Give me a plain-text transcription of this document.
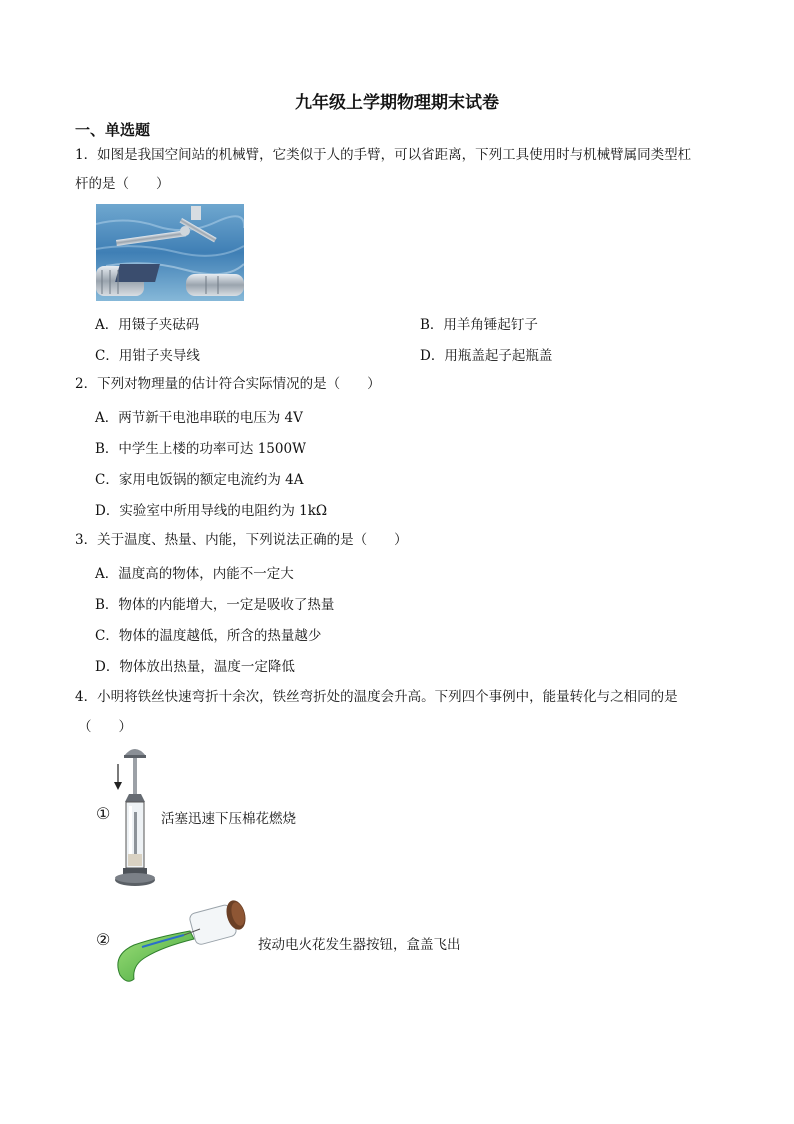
九年级上学期物理期末试卷
一、单选题
1．如图是我国空间站的机械臂，它类似于人的手臂，可以省距离，下列工具使用时与机械臂属同类型杠
杆的是（　　）
A．用镊子夹砝码	B．用羊角锤起钉子
C．用钳子夹导线	D．用瓶盖起子起瓶盖
2．下列对物理量的估计符合实际情况的是（　　）
A．两节新干电池串联的电压为 4V
B．中学生上楼的功率可达 1500W
C．家用电饭锅的额定电流约为 4A
D．实验室中所用导线的电阻约为 1kΩ
3．关于温度、热量、内能，下列说法正确的是（　　）
A．温度高的物体，内能不一定大
B．物体的内能增大，一定是吸收了热量
C．物体的温度越低，所含的热量越少
D．物体放出热量，温度一定降低
4．小明将铁丝快速弯折十余次，铁丝弯折处的温度会升高。下列四个事例中，能量转化与之相同的是
（　　）
①	活塞迅速下压棉花燃烧
②	按动电火花发生器按钮，盒盖飞出
